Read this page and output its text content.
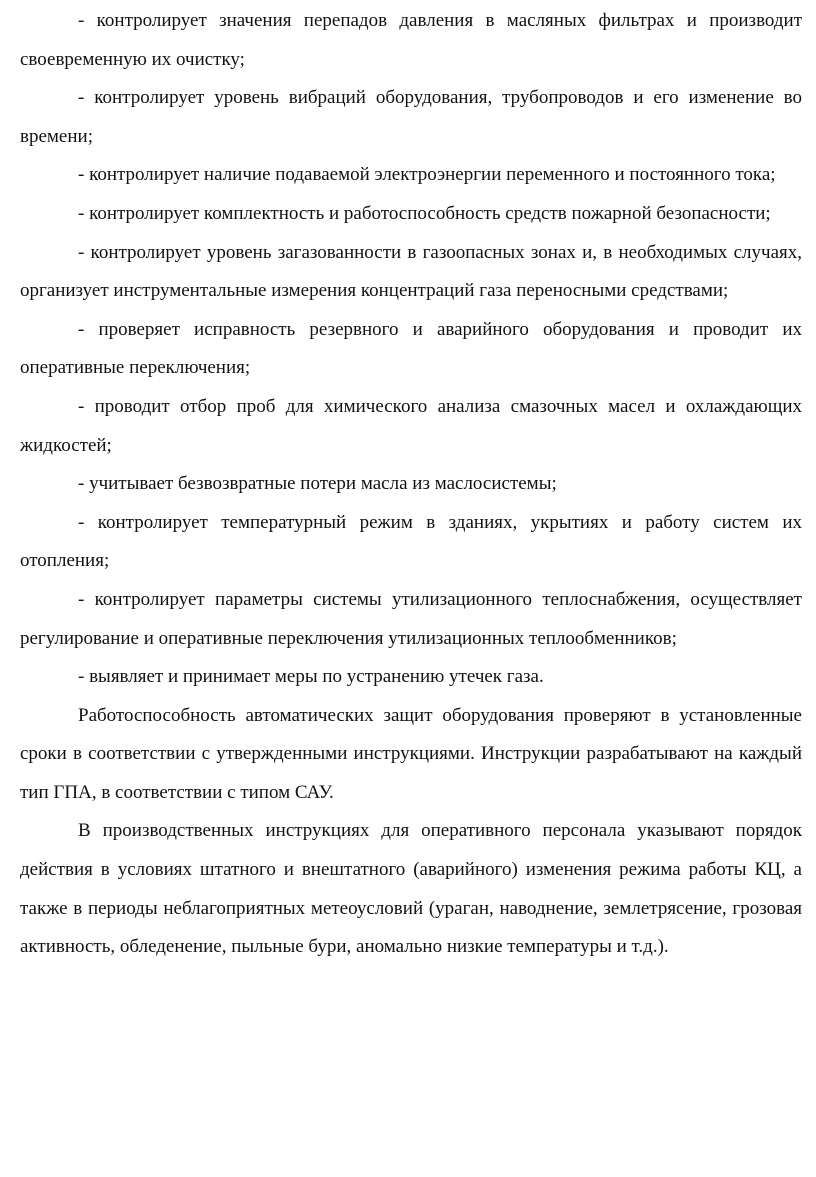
- контролирует значения перепадов давления в масляных фильтрах и производит своевременную их очистку;

- контролирует уровень вибраций оборудования, трубопроводов и его изменение во времени;

- контролирует наличие подаваемой электроэнергии переменного и постоянного тока;

- контролирует комплектность и работоспособность средств пожарной безопасности;

- контролирует уровень загазованности в газоопасных зонах и, в необходимых случаях, организует инструментальные измерения концентраций газа переносными средствами;

- проверяет исправность резервного и аварийного оборудования и проводит их оперативные переключения;

- проводит отбор проб для химического анализа смазочных масел и охлаждающих жидкостей;

- учитывает безвозвратные потери масла из маслосистемы;

- контролирует температурный режим в зданиях, укрытиях и работу систем их отопления;

- контролирует параметры системы утилизационного теплоснабжения, осуществляет регулирование и оперативные переключения утилизационных теплообменников;

- выявляет и принимает меры по устранению утечек газа.

Работоспособность автоматических защит оборудования проверяют в установленные сроки в соответствии с утвержденными инструкциями. Инструкции разрабатывают на каждый тип ГПА, в соответствии с типом САУ.

В производственных инструкциях для оперативного персонала указывают порядок действия в условиях штатного и внештатного (аварийного) изменения режима работы КЦ, а также в периоды неблагоприятных метеоусловий (ураган, наводнение, землетрясение, грозовая активность, обледенение, пыльные бури, аномально низкие температуры и т.д.).
